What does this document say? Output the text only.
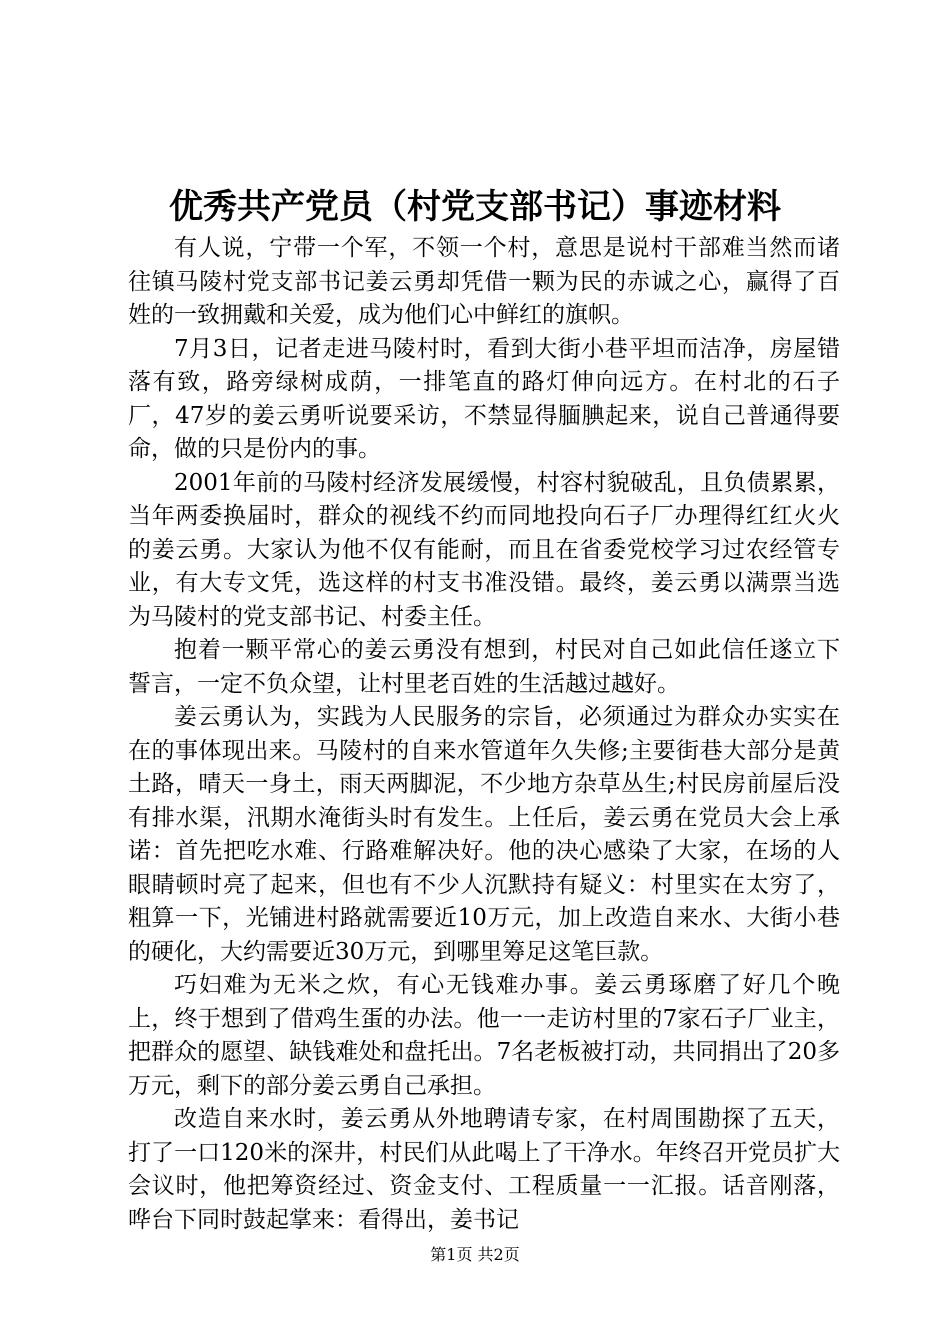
优秀共产党员（村党支部书记）事迹材料

有人说，宁带一个军，不领一个村，意思是说村干部难当然而诸往镇马陵村党支部书记姜云勇却凭借一颗为民的赤诚之心，赢得了百姓的一致拥戴和关爱，成为他们心中鲜红的旗帜。

7月3日，记者走进马陵村时，看到大街小巷平坦而洁净，房屋错落有致，路旁绿树成荫，一排笔直的路灯伸向远方。在村北的石子厂，47岁的姜云勇听说要采访，不禁显得腼腆起来，说自己普通得要命，做的只是份内的事。

2001年前的马陵村经济发展缓慢，村容村貌破乱，且负债累累，当年两委换届时，群众的视线不约而同地投向石子厂办理得红红火火的姜云勇。大家认为他不仅有能耐，而且在省委党校学习过农经管专业，有大专文凭，选这样的村支书准没错。最终，姜云勇以满票当选为马陵村的党支部书记、村委主任。

抱着一颗平常心的姜云勇没有想到，村民对自己如此信任遂立下誓言，一定不负众望，让村里老百姓的生活越过越好。

姜云勇认为，实践为人民服务的宗旨，必须通过为群众办实实在在的事体现出来。马陵村的自来水管道年久失修;主要街巷大部分是黄土路，晴天一身土，雨天两脚泥，不少地方杂草丛生;村民房前屋后没有排水渠，汛期水淹街头时有发生。上任后，姜云勇在党员大会上承诺：首先把吃水难、行路难解决好。他的决心感染了大家，在场的人眼睛顿时亮了起来，但也有不少人沉默持有疑义：村里实在太穷了，粗算一下，光铺进村路就需要近10万元，加上改造自来水、大街小巷的硬化，大约需要近30万元，到哪里筹足这笔巨款。

巧妇难为无米之炊，有心无钱难办事。姜云勇琢磨了好几个晚上，终于想到了借鸡生蛋的办法。他一一走访村里的7家石子厂业主，把群众的愿望、缺钱难处和盘托出。7名老板被打动，共同捐出了20多万元，剩下的部分姜云勇自己承担。

改造自来水时，姜云勇从外地聘请专家，在村周围勘探了五天，打了一口120米的深井，村民们从此喝上了干净水。年终召开党员扩大会议时，他把筹资经过、资金支付、工程质量一一汇报。话音刚落，哗台下同时鼓起掌来：看得出，姜书记

第1页 共2页
